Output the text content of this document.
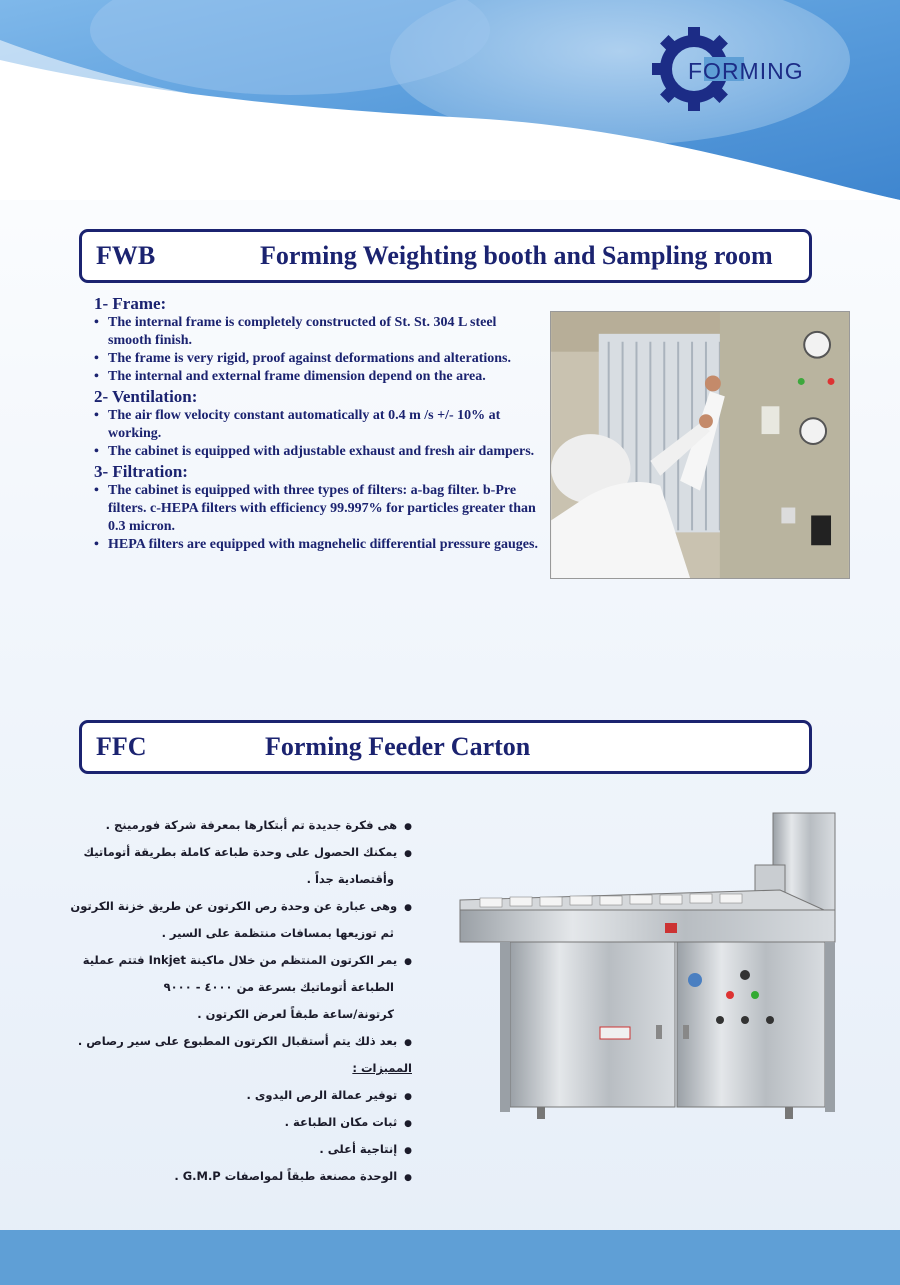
FORMING
FWB	Forming Weighting booth and Sampling room
1- Frame:
• The internal frame is completely constructed of St. St. 304 L steel smooth finish.
• The frame is very rigid, proof against deformations and alterations.
• The internal and external frame dimension depend on the area.
2- Ventilation:
• The air flow velocity constant automatically at 0.4 m /s +/- 10% at working.
• The cabinet is equipped with adjustable exhaust and fresh air dampers.
3- Filtration:
• The cabinet is equipped with three types of filters: a-bag filter. b-Pre filters. c-HEPA filters with efficiency 99.997% for particles greater than 0.3 micron.
• HEPA filters are equipped with magnehelic differential pressure gauges.
FFC	Forming Feeder Carton
● هى فكرة جديدة تم أبتكارها بمعرفة شركة فورمينج .
● يمكنك الحصول على وحدة طباعة كاملة بطريقة أتوماتيك
وأقتصادية جداً .
● وهى عبارة عن وحدة رص الكرتون عن طريق خزنة الكرتون
ثم توزيعها بمسافات منتظمة على السير .
● يمر الكرتون المنتظم من خلال ماكينة Inkjet فتتم عملية
الطباعة أتوماتيك بسرعة من ٤٠٠٠ - ٩٠٠٠
كرتونة/ساعة طبقاً لعرض الكرتون .
● بعد ذلك يتم أستقبال الكرتون المطبوع على سير رصاص .
المميزات :
● توفير عمالة الرص اليدوى .
● ثبات مكان الطباعة .
● إنتاجية أعلى .
● الوحدة مصنعة طبقاً لمواصفات G.M.P .
